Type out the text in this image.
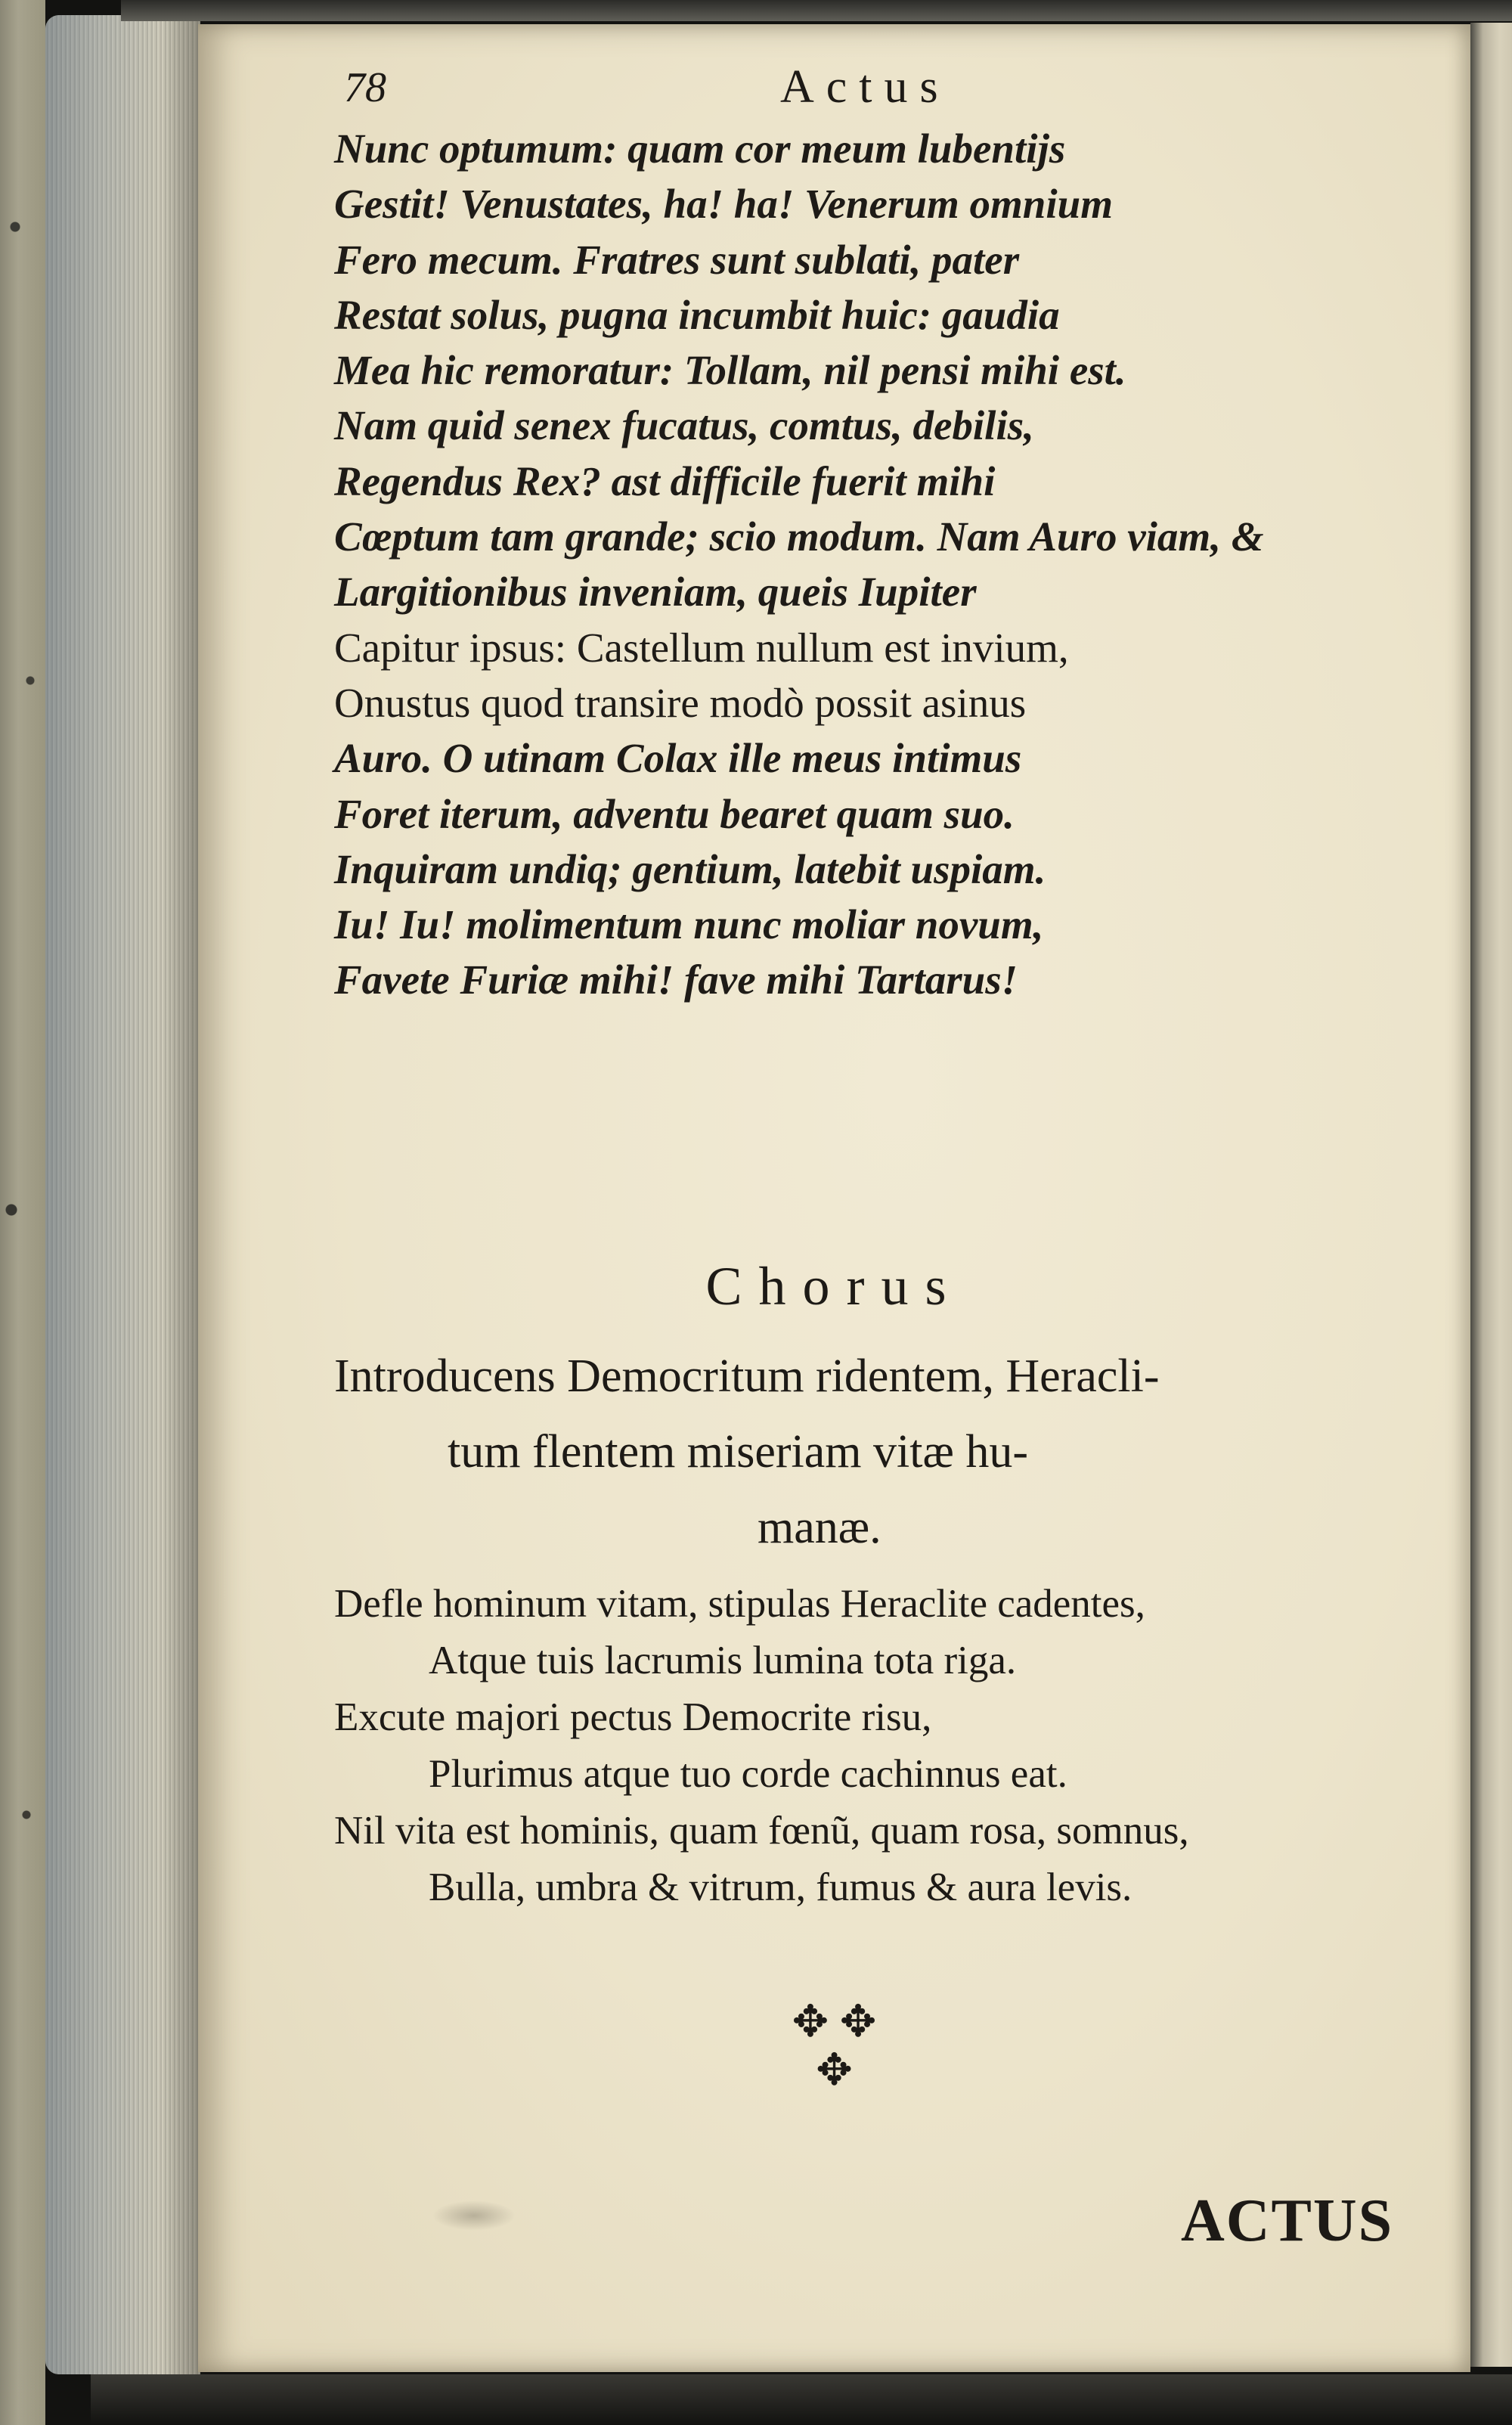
78	Actus
Nunc optumum: quam cor meum lubentijs
Gestit! Venustates, ha! ha! Venerum omnium
Fero mecum. Fratres sunt sublati, pater
Restat solus, pugna incumbit huic: gaudia
Mea hic remoratur: Tollam, nil pensi mihi est.
Nam quid senex fucatus, comtus, debilis,
Regendus Rex? ast difficile fuerit mihi
Cœptum tam grande; scio modum. Nam Auro viam, &
Largitionibus inveniam, queis Iupiter
Capitur ipsus: Castellum nullum est invium,
Onustus quod transire modò possit asinus
Auro. O utinam Colax ille meus intimus
Foret iterum, adventu bearet quam suo.
Inquiram undiq; gentium, latebit uspiam.
Iu! Iu! molimentum nunc moliar novum,
Favete Furiæ mihi! fave mihi Tartarus!
Chorus
Introducens Democritum ridentem, Heracli-
tum flentem miseriam vitæ hu-
manæ.
Defle hominum vitam, stipulas Heraclite cadentes,
Atque tuis lacrumis lumina tota riga.
Excute majori pectus Democrite risu,
Plurimus atque tuo corde cachinnus eat.
Nil vita est hominis, quam fœnũ, quam rosa, somnus,
Bulla, umbra & vitrum, fumus & aura levis.
✥ ✥
✥
ACTUS
